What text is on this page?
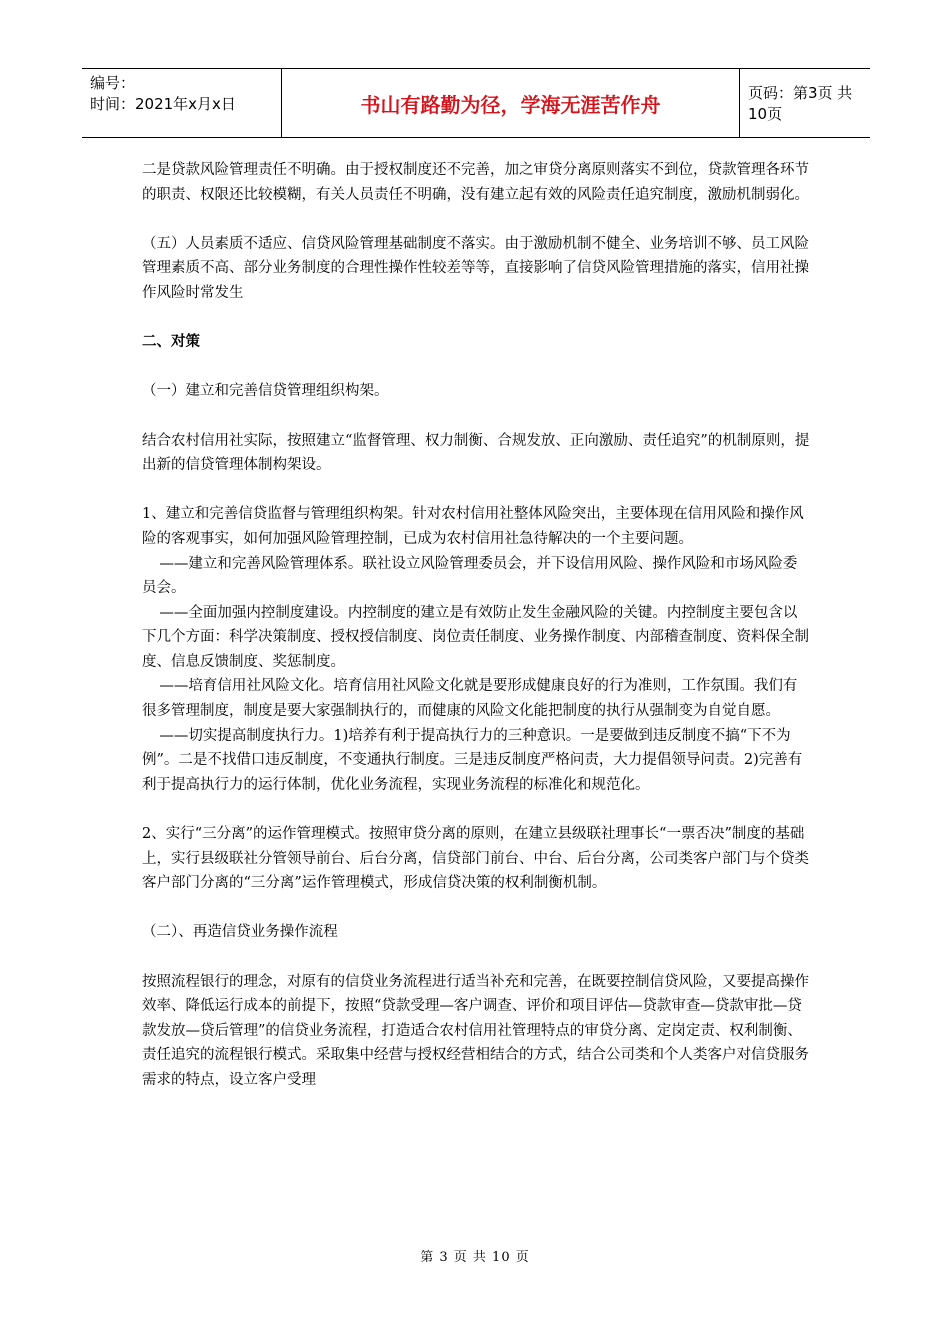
编号：
时间：2021年x月x日	书山有路勤为径，学海无涯苦作舟	页码：第3页 共10页

二是贷款风险管理责任不明确。由于授权制度还不完善，加之审贷分离原则落实不到位，贷款管理各环节的职责、权限还比较模糊，有关人员责任不明确，没有建立起有效的风险责任追究制度，激励机制弱化。

（五）人员素质不适应、信贷风险管理基础制度不落实。由于激励机制不健全、业务培训不够、员工风险管理素质不高、部分业务制度的合理性操作性较差等等，直接影响了信贷风险管理措施的落实，信用社操作风险时常发生

二、对策

（一）建立和完善信贷管理组织构架。

结合农村信用社实际，按照建立“监督管理、权力制衡、合规发放、正向激励、责任追究”的机制原则，提出新的信贷管理体制构架设。

1、建立和完善信贷监督与管理组织构架。针对农村信用社整体风险突出，主要体现在信用风险和操作风险的客观事实，如何加强风险管理控制，已成为农村信用社急待解决的一个主要问题。

——建立和完善风险管理体系。联社设立风险管理委员会，并下设信用风险、操作风险和市场风险委员会。

——全面加强内控制度建设。内控制度的建立是有效防止发生金融风险的关键。内控制度主要包含以下几个方面：科学决策制度、授权授信制度、岗位责任制度、业务操作制度、内部稽查制度、资料保全制度、信息反馈制度、奖惩制度。

——培育信用社风险文化。培育信用社风险文化就是要形成健康良好的行为准则，工作氛围。我们有很多管理制度，制度是要大家强制执行的，而健康的风险文化能把制度的执行从强制变为自觉自愿。

——切实提高制度执行力。1)培养有利于提高执行力的三种意识。一是要做到违反制度不搞“下不为例”。二是不找借口违反制度，不变通执行制度。三是违反制度严格问责，大力提倡领导问责。2)完善有利于提高执行力的运行体制，优化业务流程，实现业务流程的标准化和规范化。

2、实行“三分离”的运作管理模式。按照审贷分离的原则，在建立县级联社理事长“一票否决”制度的基础上，实行县级联社分管领导前台、后台分离，信贷部门前台、中台、后台分离，公司类客户部门与个贷类客户部门分离的“三分离”运作管理模式，形成信贷决策的权利制衡机制。

（二）、再造信贷业务操作流程

按照流程银行的理念，对原有的信贷业务流程进行适当补充和完善，在既要控制信贷风险，又要提高操作效率、降低运行成本的前提下，按照“贷款受理—客户调查、评价和项目评估—贷款审查—贷款审批—贷款发放—贷后管理”的信贷业务流程，打造适合农村信用社管理特点的审贷分离、定岗定责、权利制衡、责任追究的流程银行模式。采取集中经营与授权经营相结合的方式，结合公司类和个人类客户对信贷服务需求的特点，设立客户受理

第 3 页 共 10 页
